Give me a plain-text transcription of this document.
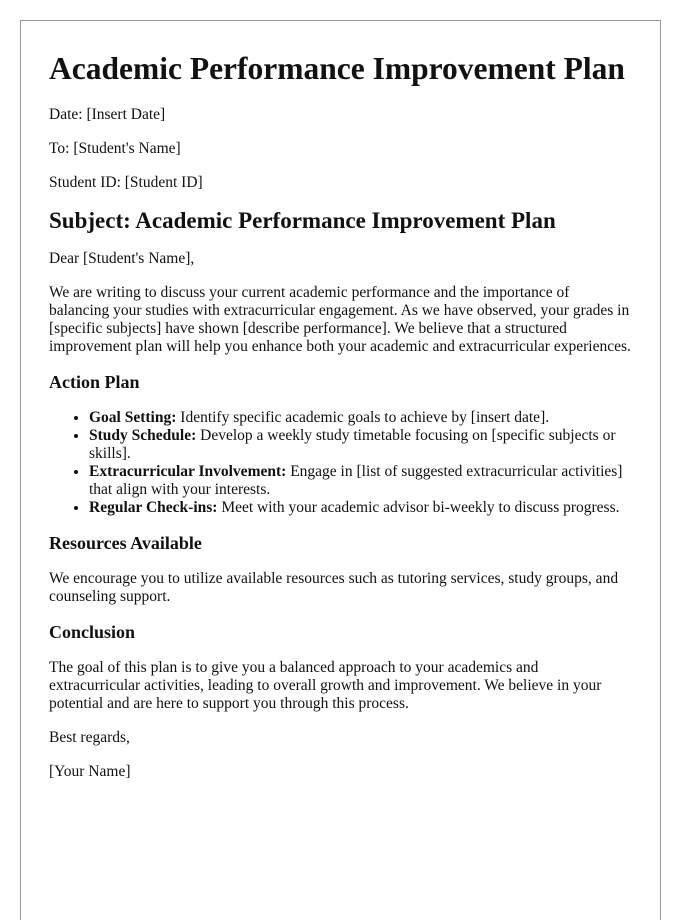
Academic Performance Improvement Plan
Date: [Insert Date]
To: [Student's Name]
Student ID: [Student ID]
Subject: Academic Performance Improvement Plan

Dear [Student's Name],

We are writing to discuss your current academic performance and the importance of balancing your studies with extracurricular engagement. As we have observed, your grades in [specific subjects] have shown [describe performance]. We believe that a structured improvement plan will help you enhance both your academic and extracurricular experiences.

Action Plan
• Goal Setting: Identify specific academic goals to achieve by [insert date].
• Study Schedule: Develop a weekly study timetable focusing on [specific subjects or skills].
• Extracurricular Involvement: Engage in [list of suggested extracurricular activities] that align with your interests.
• Regular Check-ins: Meet with your academic advisor bi-weekly to discuss progress.
Resources Available

We encourage you to utilize available resources such as tutoring services, study groups, and counseling support.

Conclusion

The goal of this plan is to give you a balanced approach to your academics and extracurricular activities, leading to overall growth and improvement. We believe in your potential and are here to support you through this process.

Best regards,

[Your Name]
